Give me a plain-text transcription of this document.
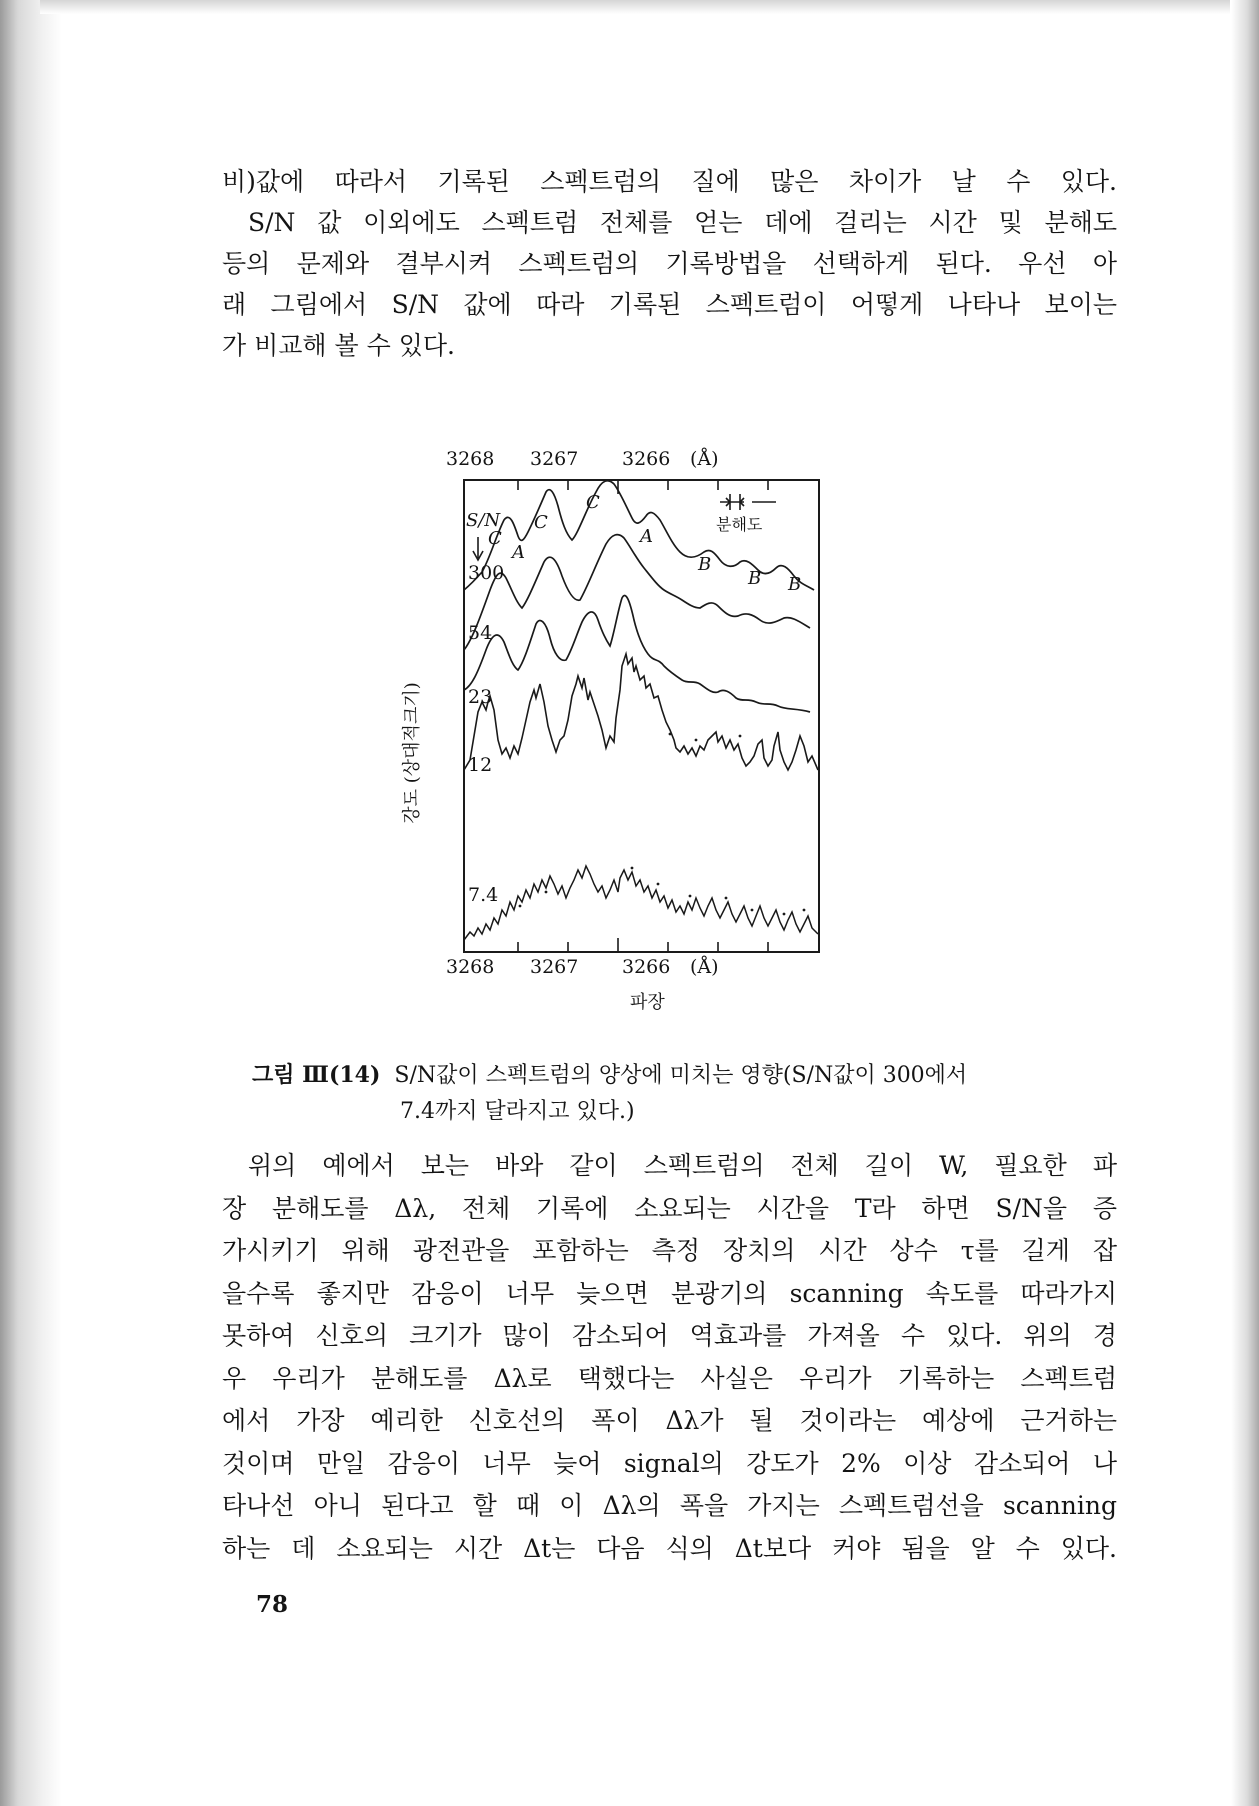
비)값에 따라서 기록된 스펙트럼의 질에 많은 차이가 날 수 있다.

S/N 값 이외에도 스펙트럼 전체를 얻는 데에 걸리는 시간 및 분해도

등의 문제와 결부시켜 스펙트럼의 기록방법을 선택하게 된다. 우선 아

래 그림에서 S/N 값에 따라 기록된 스펙트럼이 어떻게 나타나 보이는

가 비교해 볼 수 있다.

3268 3267 3266 (Å)
3268 3267 3266 (Å)
파장
강도 (상대적크기)
S/N
300
54
23
12
7.4
분해도
C
C
C
A
A
B
B B
그림 Ⅲ(14) S/N값이 스펙트럼의 양상에 미치는 영향(S/N값이 300에서
7.4까지 달라지고 있다.)

위의 예에서 보는 바와 같이 스펙트럼의 전체 길이 W, 필요한 파

장 분해도를 Δλ, 전체 기록에 소요되는 시간을 T라 하면 S/N을 증

가시키기 위해 광전관을 포함하는 측정 장치의 시간 상수 τ를 길게 잡

을수록 좋지만 감응이 너무 늦으면 분광기의 scanning 속도를 따라가지

못하여 신호의 크기가 많이 감소되어 역효과를 가져올 수 있다. 위의 경

우 우리가 분해도를 Δλ로 택했다는 사실은 우리가 기록하는 스펙트럼

에서 가장 예리한 신호선의 폭이 Δλ가 될 것이라는 예상에 근거하는

것이며 만일 감응이 너무 늦어 signal의 강도가 2% 이상 감소되어 나

타나선 아니 된다고 할 때 이 Δλ의 폭을 가지는 스펙트럼선을 scanning

하는 데 소요되는 시간 Δt는 다음 식의 Δt보다 커야 됨을 알 수 있다.

78
